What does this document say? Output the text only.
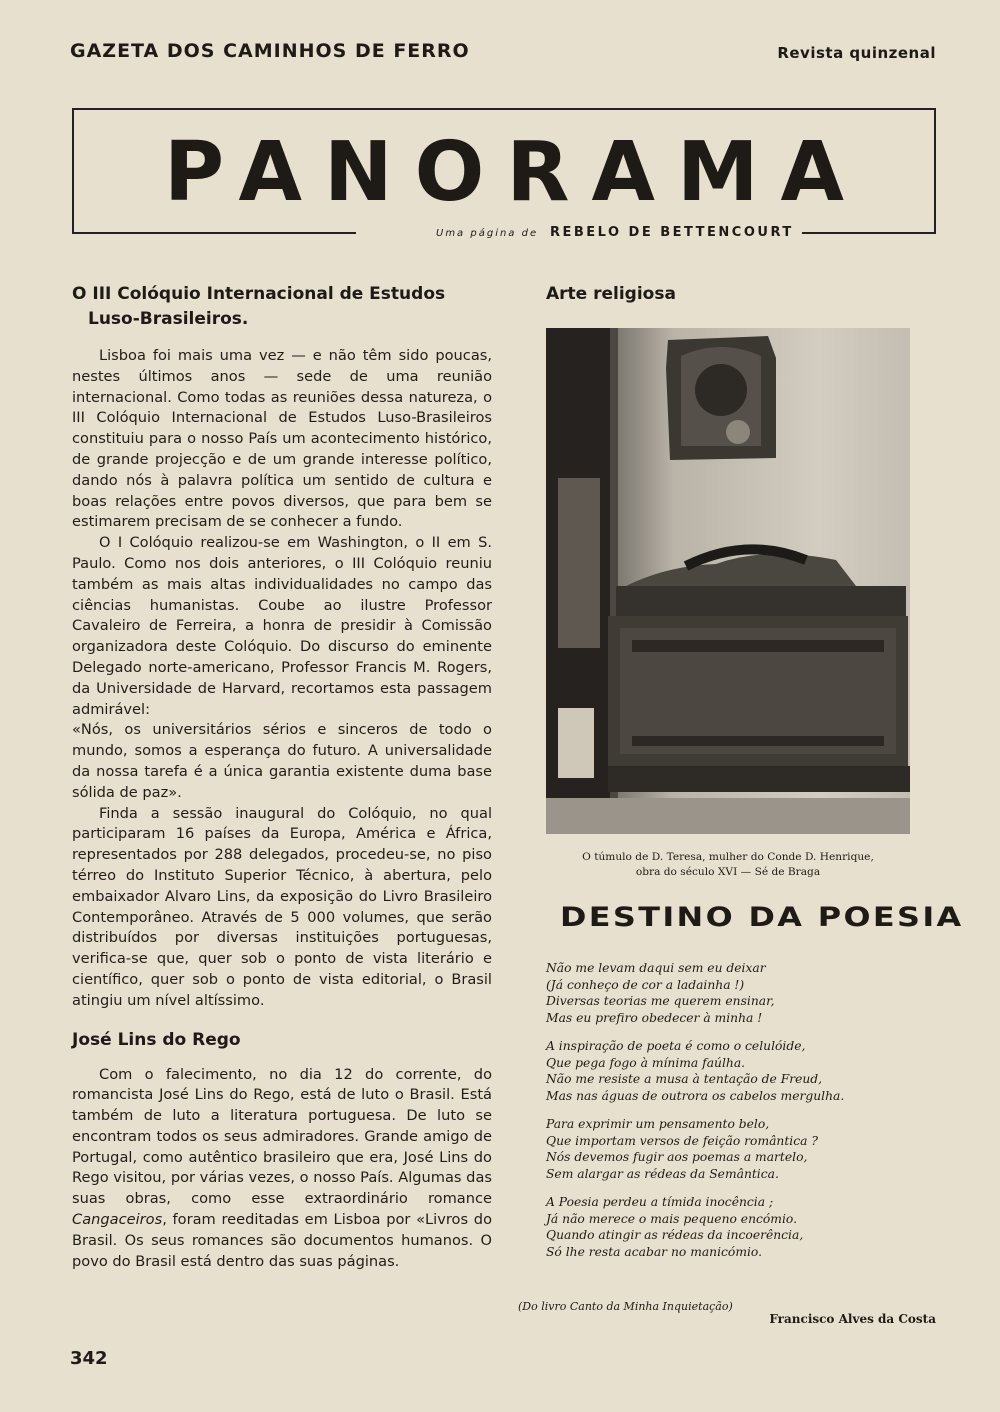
GAZETA DOS CAMINHOS DE FERRO	Revista quinzenal
PANORAMA
Uma página de REBELO DE BETTENCOURT
O III Colóquio Internacional de Estudos
Luso-Brasileiros.

Lisboa foi mais uma vez — e não têm sido poucas, nestes últimos anos — sede de uma reunião internacional. Como todas as reuniões dessa natureza, o III Colóquio Internacional de Estudos Luso-Brasileiros constituiu para o nosso País um acontecimento histórico, de grande projecção e de um grande interesse político, dando nós à palavra política um sentido de cultura e boas relações entre povos diversos, que para bem se estimarem precisam de se conhecer a fundo.

O I Colóquio realizou-se em Washington, o II em S. Paulo. Como nos dois anteriores, o III Colóquio reuniu também as mais altas individualidades no campo das ciências humanistas. Coube ao ilustre Professor Cavaleiro de Ferreira, a honra de presidir à Comissão organizadora deste Colóquio. Do discurso do eminente Delegado norte-americano, Professor Francis M. Rogers, da Universidade de Harvard, recortamos esta passagem admirável:

«Nós, os universitários sérios e sinceros de todo o mundo, somos a esperança do futuro. A universalidade da nossa tarefa é a única garantia existente duma base sólida de paz».

Finda a sessão inaugural do Colóquio, no qual participaram 16 países da Europa, América e África, representados por 288 delegados, procedeu-se, no piso térreo do Instituto Superior Técnico, à abertura, pelo embaixador Alvaro Lins, da exposição do Livro Brasileiro Contemporâneo. Através de 5 000 volumes, que serão distribuídos por diversas instituições portuguesas, verifica-se que, quer sob o ponto de vista literário e científico, quer sob o ponto de vista editorial, o Brasil atingiu um nível altíssimo.

José Lins do Rego

Com o falecimento, no dia 12 do corrente, do romancista José Lins do Rego, está de luto o Brasil. Está também de luto a literatura portuguesa. De luto se encontram todos os seus admiradores. Grande amigo de Portugal, como autêntico brasileiro que era, José Lins do Rego visitou, por várias vezes, o nosso País. Algumas das suas obras, como esse extraordinário romance Cangaceiros, foram reeditadas em Lisboa por «Livros do Brasil. Os seus romances são documentos humanos. O povo do Brasil está dentro das suas páginas.

Arte religiosa
O túmulo de D. Teresa, mulher do Conde D. Henrique,
obra do século XVI — Sé de Braga
DESTINO DA POESIA
Não me levam daqui sem eu deixar
(Já conheço de cor a ladainha !)
Diversas teorias me querem ensinar,
Mas eu prefiro obedecer à minha !
A inspiração de poeta é como o celulóide,
Que pega fogo à mínima faúlha.
Não me resiste a musa à tentação de Freud,
Mas nas águas de outrora os cabelos mergulha.
Para exprimir um pensamento belo,
Que importam versos de feição romântica ?
Nós devemos fugir aos poemas a martelo,
Sem alargar as rédeas da Semântica.
A Poesia perdeu a tímida inocência ;
Já não merece o mais pequeno encómio.
Quando atingir as rédeas da incoerência,
Só lhe resta acabar no manicómio.
(Do livro Canto da Minha Inquietação)
Francisco Alves da Costa
342
